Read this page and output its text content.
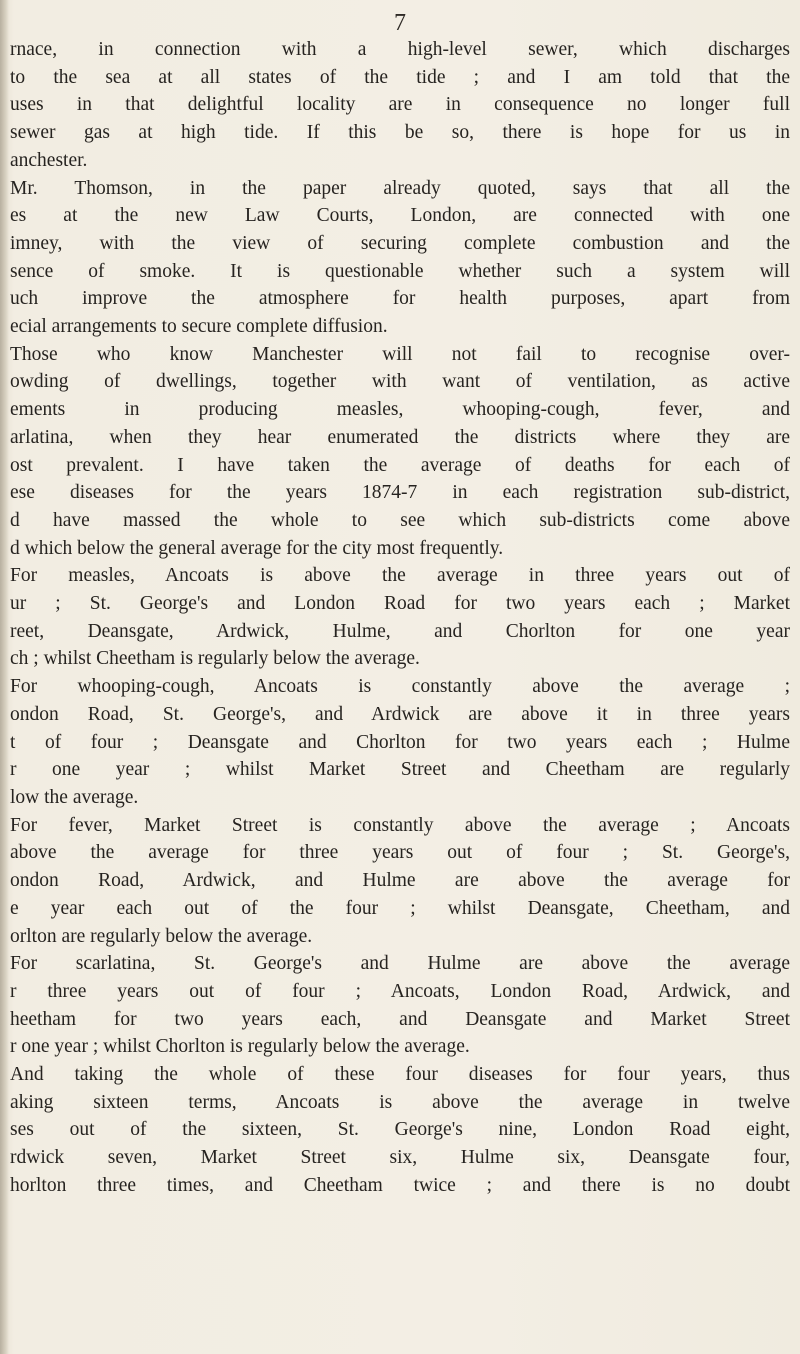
7
rnace, in connection with a high-level sewer, which discharges
to the sea at all states of the tide ; and I am told that the
uses in that delightful locality are in consequence no longer full
sewer gas at high tide. If this be so, there is hope for us in
anchester.
Mr. Thomson, in the paper already quoted, says that all the
es at the new Law Courts, London, are connected with one
imney, with the view of securing complete combustion and the
sence of smoke. It is questionable whether such a system will
uch improve the atmosphere for health purposes, apart from
ecial arrangements to secure complete diffusion.
Those who know Manchester will not fail to recognise over-
owding of dwellings, together with want of ventilation, as active
ements in producing measles, whooping-cough, fever, and
arlatina, when they hear enumerated the districts where they are
ost prevalent. I have taken the average of deaths for each of
ese diseases for the years 1874-7 in each registration sub-district,
d have massed the whole to see which sub-districts come above
d which below the general average for the city most frequently.
For measles, Ancoats is above the average in three years out of
ur ; St. George's and London Road for two years each ; Market
reet, Deansgate, Ardwick, Hulme, and Chorlton for one year
ch ; whilst Cheetham is regularly below the average.
For whooping-cough, Ancoats is constantly above the average ;
ondon Road, St. George's, and Ardwick are above it in three years
t of four ; Deansgate and Chorlton for two years each ; Hulme
r one year ; whilst Market Street and Cheetham are regularly
low the average.
For fever, Market Street is constantly above the average ; Ancoats
above the average for three years out of four ; St. George's,
ondon Road, Ardwick, and Hulme are above the average for
e year each out of the four ; whilst Deansgate, Cheetham, and
orlton are regularly below the average.
For scarlatina, St. George's and Hulme are above the average
r three years out of four ; Ancoats, London Road, Ardwick, and
heetham for two years each, and Deansgate and Market Street
r one year ; whilst Chorlton is regularly below the average.
And taking the whole of these four diseases for four years, thus
aking sixteen terms, Ancoats is above the average in twelve
ses out of the sixteen, St. George's nine, London Road eight,
rdwick seven, Market Street six, Hulme six, Deansgate four,
horlton three times, and Cheetham twice ; and there is no doubt
